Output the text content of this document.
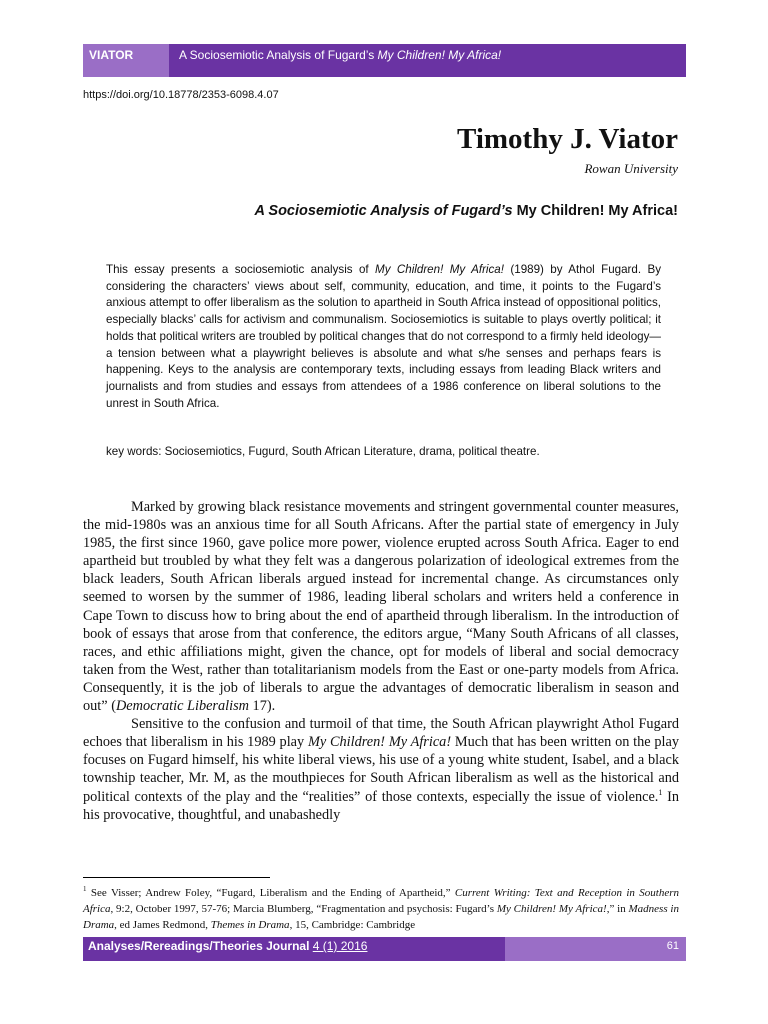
VIATOR	A Sociosemiotic Analysis of Fugard’s My Children! My Africa!
https://doi.org/10.18778/2353-6098.4.07
Timothy J. Viator
Rowan University
A Sociosemiotic Analysis of Fugard’s My Children! My Africa!
This essay presents a sociosemiotic analysis of My Children! My Africa! (1989) by Athol Fugard. By considering the characters’ views about self, community, education, and time, it points to the Fugard’s anxious attempt to offer liberalism as the solution to apartheid in South Africa instead of oppositional politics, especially blacks’ calls for activism and communalism. Sociosemiotics is suitable to plays overtly political; it holds that political writers are troubled by political changes that do not correspond to a firmly held ideology—a tension between what a playwright believes is absolute and what s/he senses and perhaps fears is happening. Keys to the analysis are contemporary texts, including essays from leading Black writers and journalists and from studies and essays from attendees of a 1986 conference on liberal solutions to the unrest in South Africa.
key words: Sociosemiotics, Fugurd, South African Literature, drama, political theatre.

Marked by growing black resistance movements and stringent governmental counter measures, the mid-1980s was an anxious time for all South Africans. After the partial state of emergency in July 1985, the first since 1960, gave police more power, violence erupted across South Africa. Eager to end apartheid but troubled by what they felt was a dangerous polarization of ideological extremes from the black leaders, South African liberals argued instead for incremental change. As circumstances only seemed to worsen by the summer of 1986, leading liberal scholars and writers held a conference in Cape Town to discuss how to bring about the end of apartheid through liberalism. In the introduction of book of essays that arose from that conference, the editors argue, “Many South Africans of all classes, races, and ethic affiliations might, given the chance, opt for models of liberal and social democracy taken from the West, rather than totalitarianism models from the East or one-party models from Africa. Consequently, it is the job of liberals to argue the advantages of democratic liberalism in season and out” (Democratic Liberalism 17).

Sensitive to the confusion and turmoil of that time, the South African playwright Athol Fugard echoes that liberalism in his 1989 play My Children! My Africa! Much that has been written on the play focuses on Fugard himself, his white liberal views, his use of a young white student, Isabel, and a black township teacher, Mr. M, as the mouthpieces for South African liberalism as well as the historical and political contexts of the play and the “realities” of those contexts, especially the issue of violence.$^1$ In his provocative, thoughtful, and unabashedly

$^1$ See Visser; Andrew Foley, “Fugard, Liberalism and the Ending of Apartheid,” Current Writing: Text and Reception in Southern Africa, 9:2, October 1997, 57-76; Marcia Blumberg, “Fragmentation and psychosis: Fugard’s My Children! My Africa!,” in Madness in Drama, ed James Redmond, Themes in Drama, 15, Cambridge: Cambridge
Analyses/Rereadings/Theories Journal 4 (1) 2016	61
